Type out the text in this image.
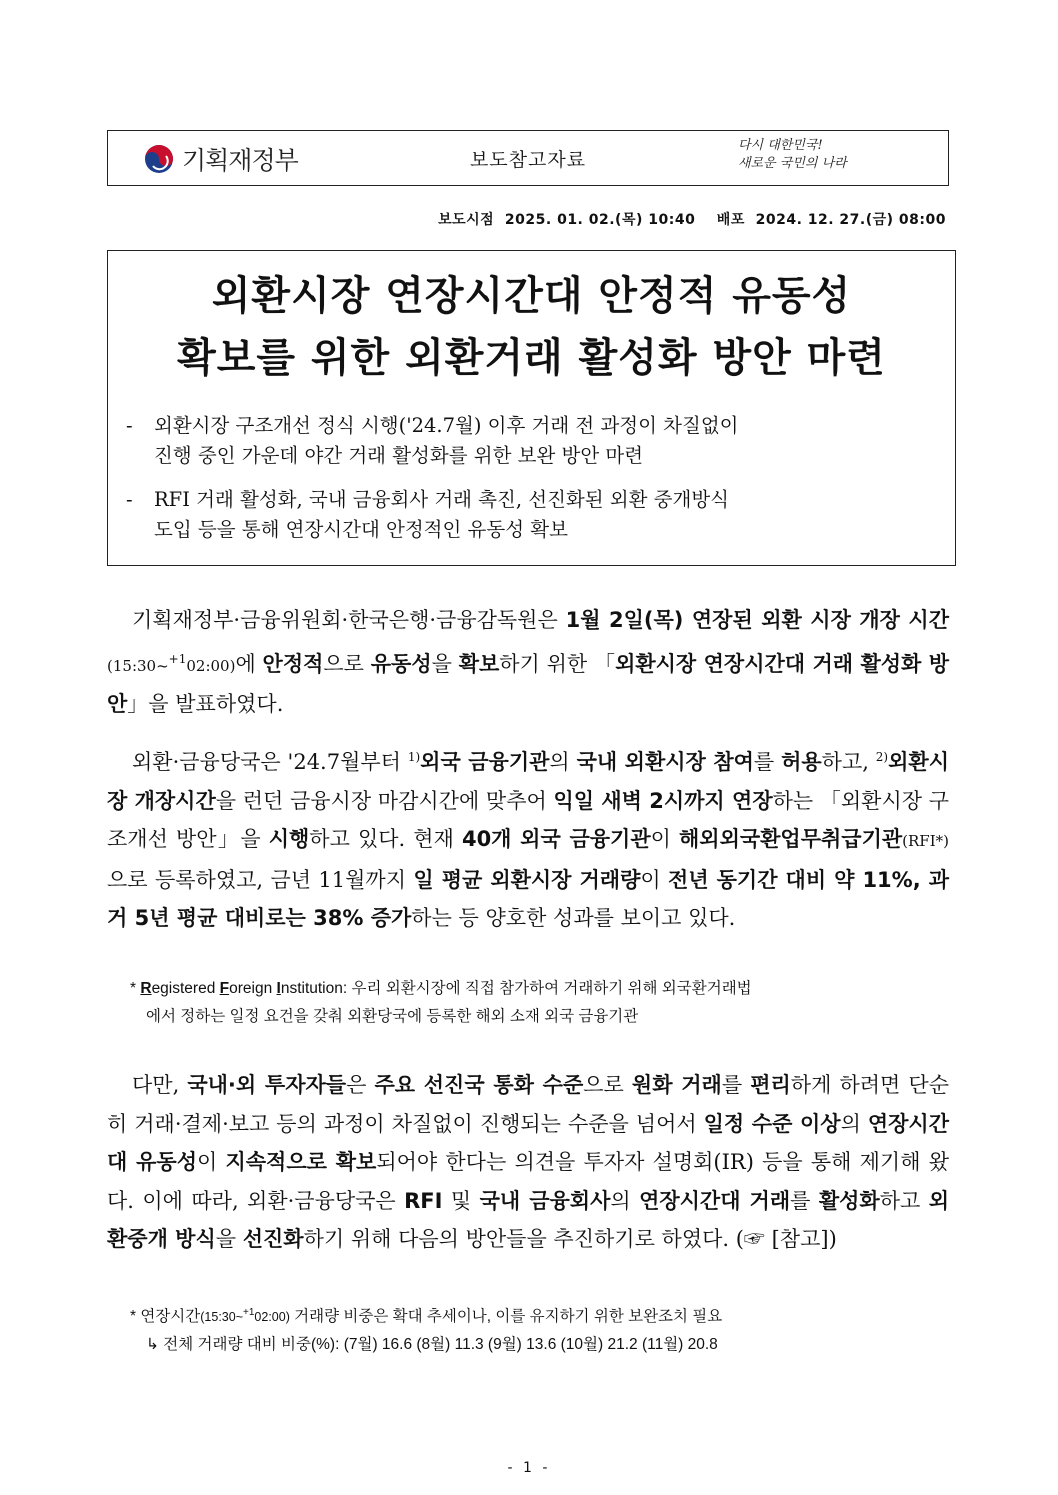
기획재정부	보도참고자료
다시 대한민국!
새로운 국민의 나라
보도시점  2025. 01. 02.(목) 10:40    배포  2024. 12. 27.(금) 08:00
외환시장 연장시간대 안정적 유동성
확보를 위한 외환거래 활성화 방안 마련
-	외환시장 구조개선 정식 시행('24.7월) 이후 거래 전 과정이 차질없이
진행 중인 가운데 야간 거래 활성화를 위한 보완 방안 마련
-	RFI 거래 활성화, 국내 금융회사 거래 촉진, 선진화된 외환 중개방식
도입 등을 통해 연장시간대 안정적인 유동성 확보
기획재정부·금융위원회·한국은행·금융감독원은 1월 2일(목) 연장된 외환 시장 개장 시간(15:30~$^{+1}$02:00)에 안정적으로 유동성을 확보하기 위한 「외환시장 연장시간대 거래 활성화 방안」을 발표하였다.
외환·금융당국은 '24.7월부터 $^{1)}$외국 금융기관의 국내 외환시장 참여를 허용하고, $^{2)}$외환시장 개장시간을 런던 금융시장 마감시간에 맞추어 익일 새벽 2시까지 연장하는 「외환시장 구조개선 방안」을 시행하고 있다. 현재 40개 외국 금융기관이 해외외국환업무취급기관(RFI*)으로 등록하였고, 금년 11월까지 일 평균 외환시장 거래량이 전년 동기간 대비 약 11%, 과거 5년 평균 대비로는 38% 증가하는 등 양호한 성과를 보이고 있다.
* Registered Foreign Institution: 우리 외환시장에 직접 참가하여 거래하기 위해 외국환거래법
에서 정하는 일정 요건을 갖춰 외환당국에 등록한 해외 소재 외국 금융기관
다만, 국내·외 투자자들은 주요 선진국 통화 수준으로 원화 거래를 편리하게 하려면 단순히 거래·결제·보고 등의 과정이 차질없이 진행되는 수준을 넘어서 일정 수준 이상의 연장시간대 유동성이 지속적으로 확보되어야 한다는 의견을 투자자 설명회(IR) 등을 통해 제기해 왔다. 이에 따라, 외환·금융당국은 RFI 및 국내 금융회사의 연장시간대 거래를 활성화하고 외환중개 방식을 선진화하기 위해 다음의 방안들을 추진하기로 하였다. (☞ [참고])
* 연장시간(15:30~$^{+1}$02:00) 거래량 비중은 확대 추세이나, 이를 유지하기 위한 보완조치 필요
↳ 전체 거래량 대비 비중(%): (7월) 16.6 (8월) 11.3 (9월) 13.6 (10월) 21.2 (11월) 20.8
- 1 -
